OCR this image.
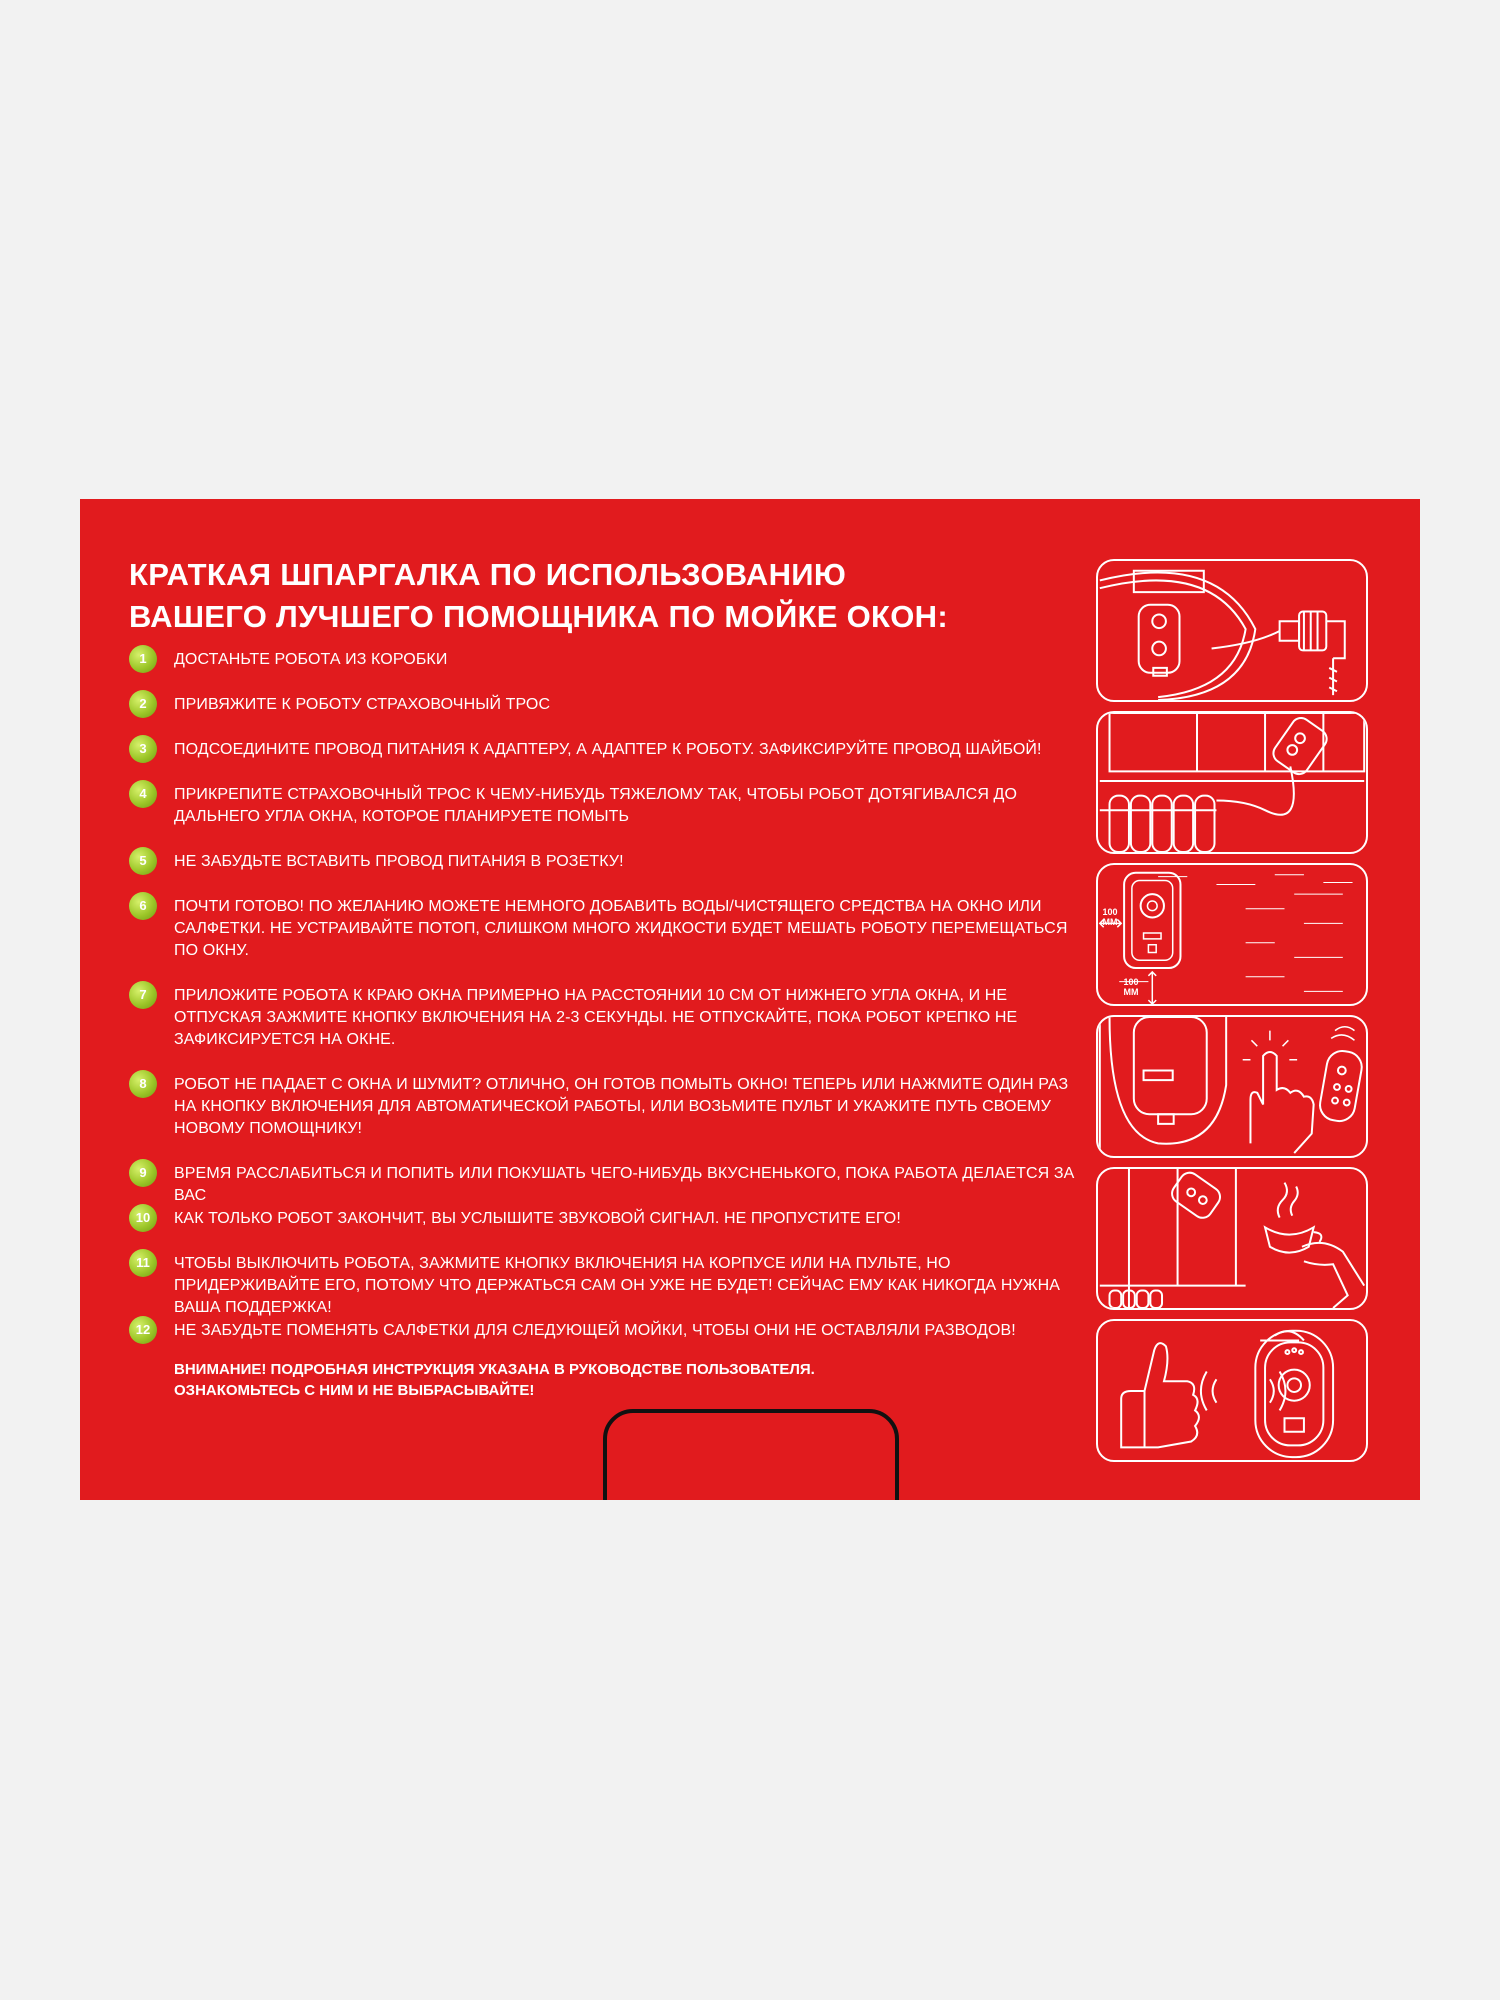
КРАТКАЯ ШПАРГАЛКА ПО ИСПОЛЬЗОВАНИЮ
ВАШЕГО ЛУЧШЕГО ПОМОЩНИКА ПО МОЙКЕ ОКОН:
1	ДОСТАНЬТЕ РОБОТА ИЗ КОРОБКИ
2	ПРИВЯЖИТЕ К РОБОТУ СТРАХОВОЧНЫЙ ТРОС
3	ПОДСОЕДИНИТЕ ПРОВОД ПИТАНИЯ К АДАПТЕРУ, А АДАПТЕР К РОБОТУ. ЗАФИКСИРУЙТЕ ПРОВОД ШАЙБОЙ!
4	ПРИКРЕПИТЕ СТРАХОВОЧНЫЙ ТРОС К ЧЕМУ-НИБУДЬ ТЯЖЕЛОМУ ТАК, ЧТОБЫ РОБОТ ДОТЯГИВАЛСЯ ДО ДАЛЬНЕГО УГЛА ОКНА, КОТОРОЕ ПЛАНИРУЕТЕ ПОМЫТЬ
5	НЕ ЗАБУДЬТЕ ВСТАВИТЬ ПРОВОД ПИТАНИЯ В РОЗЕТКУ!
6	ПОЧТИ ГОТОВО! ПО ЖЕЛАНИЮ МОЖЕТЕ НЕМНОГО ДОБАВИТЬ ВОДЫ/ЧИСТЯЩЕГО СРЕДСТВА НА ОКНО ИЛИ САЛФЕТКИ. НЕ УСТРАИВАЙТЕ ПОТОП, СЛИШКОМ МНОГО ЖИДКОСТИ БУДЕТ МЕШАТЬ РОБОТУ ПЕРЕМЕЩАТЬСЯ ПО ОКНУ.
7	ПРИЛОЖИТЕ РОБОТА К КРАЮ ОКНА ПРИМЕРНО НА РАССТОЯНИИ 10 СМ ОТ НИЖНЕГО УГЛА ОКНА, И НЕ ОТПУСКАЯ ЗАЖМИТЕ КНОПКУ ВКЛЮЧЕНИЯ НА 2-3 СЕКУНДЫ. НЕ ОТПУСКАЙТЕ, ПОКА РОБОТ КРЕПКО НЕ ЗАФИКСИРУЕТСЯ НА ОКНЕ.
8	РОБОТ НЕ ПАДАЕТ С ОКНА И ШУМИТ? ОТЛИЧНО, ОН ГОТОВ ПОМЫТЬ ОКНО! ТЕПЕРЬ ИЛИ НАЖМИТЕ ОДИН РАЗ НА КНОПКУ ВКЛЮЧЕНИЯ ДЛЯ АВТОМАТИЧЕСКОЙ РАБОТЫ, ИЛИ ВОЗЬМИТЕ ПУЛЬТ И УКАЖИТЕ ПУТЬ СВОЕМУ НОВОМУ ПОМОЩНИКУ!
9	ВРЕМЯ РАССЛАБИТЬСЯ И ПОПИТЬ ИЛИ ПОКУШАТЬ ЧЕГО-НИБУДЬ ВКУСНЕНЬКОГО, ПОКА РАБОТА ДЕЛАЕТСЯ ЗА ВАС
10	КАК ТОЛЬКО РОБОТ ЗАКОНЧИТ, ВЫ УСЛЫШИТЕ ЗВУКОВОЙ СИГНАЛ. НЕ ПРОПУСТИТЕ ЕГО!
11	ЧТОБЫ ВЫКЛЮЧИТЬ РОБОТА, ЗАЖМИТЕ КНОПКУ ВКЛЮЧЕНИЯ НА КОРПУСЕ ИЛИ НА ПУЛЬТЕ, НО ПРИДЕРЖИВАЙТЕ ЕГО, ПОТОМУ ЧТО ДЕРЖАТЬСЯ САМ ОН УЖЕ НЕ БУДЕТ! СЕЙЧАС ЕМУ КАК НИКОГДА НУЖНА ВАША ПОДДЕРЖКА!
12	НЕ ЗАБУДЬТЕ ПОМЕНЯТЬ САЛФЕТКИ ДЛЯ СЛЕДУЮЩЕЙ МОЙКИ, ЧТОБЫ ОНИ НЕ ОСТАВЛЯЛИ РАЗВОДОВ!
ВНИМАНИЕ! ПОДРОБНАЯ ИНСТРУКЦИЯ УКАЗАНА В РУКОВОДСТВЕ ПОЛЬЗОВАТЕЛЯ.
ОЗНАКОМЬТЕСЬ С НИМ И НЕ ВЫБРАСЫВАЙТЕ!
100 ММ
100 ММ
